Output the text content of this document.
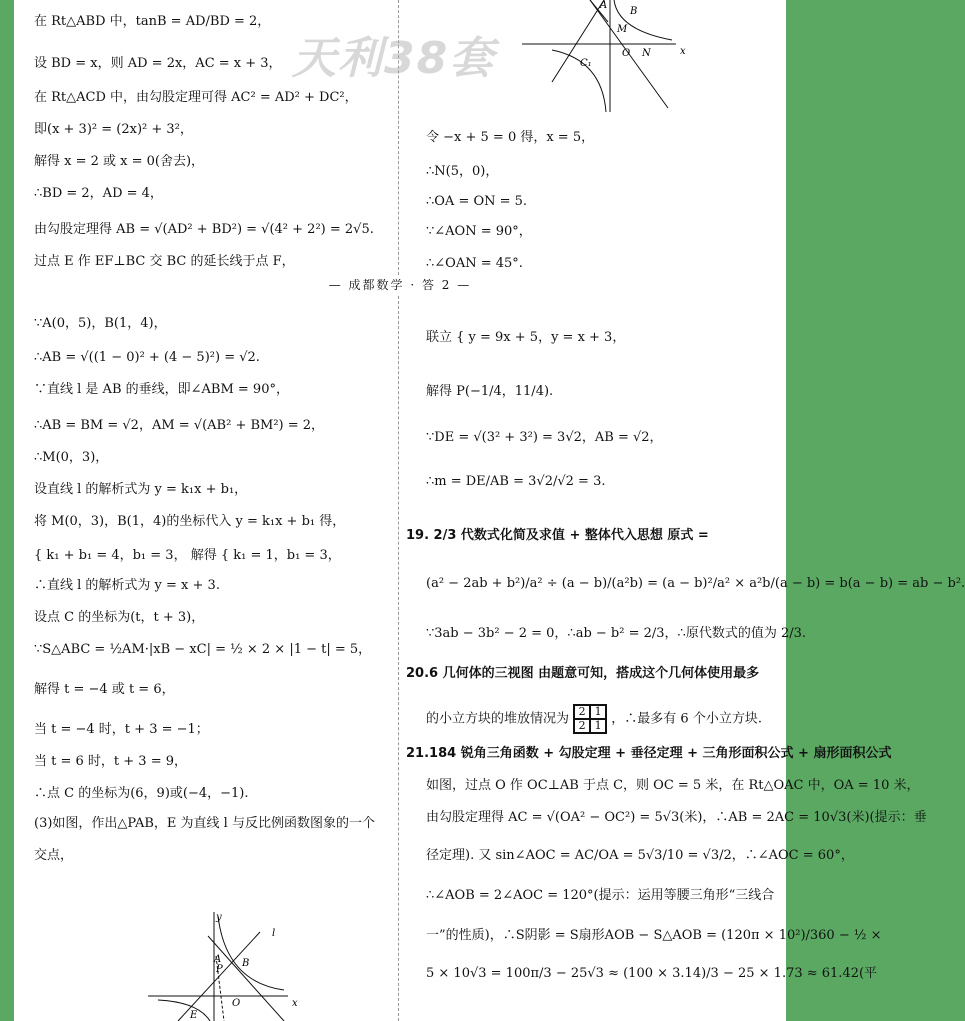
天利38套
在 Rt△ABD 中，tanB = AD/BD = 2，
设 BD = x，则 AD = 2x，AC = x + 3，
在 Rt△ACD 中，由勾股定理可得 AC² = AD² + DC²，
即(x + 3)² = (2x)² + 3²，
解得 x = 2 或 x = 0(舍去)，
∴BD = 2，AD = 4，
由勾股定理得 AB = √(AD² + BD²) = √(4² + 2²) = 2√5.
过点 E 作 EF⊥BC 交 BC 的延长线于点 F，
A
B
M
O N	x
C₁
令 −x + 5 = 0 得，x = 5，
∴N(5，0)，
∴OA = ON = 5.
∵∠AON = 90°，
∴∠OAN = 45°.
— 成都数学 · 答 2 —
∵A(0，5)，B(1，4)，
∴AB = √((1 − 0)² + (4 − 5)²) = √2.
∵直线 l 是 AB 的垂线，即∠ABM = 90°，
∴AB = BM = √2，AM = √(AB² + BM²) = 2，
∴M(0，3)，
设直线 l 的解析式为 y = k₁x + b₁，
将 M(0，3)，B(1，4)的坐标代入 y = k₁x + b₁ 得，
{ k₁ + b₁ = 4，b₁ = 3， 解得 { k₁ = 1，b₁ = 3，
∴直线 l 的解析式为 y = x + 3.
设点 C 的坐标为(t，t + 3)，
∵S△ABC = ½AM·|xB − xC| = ½ × 2 × |1 − t| = 5，
解得 t = −4 或 t = 6，
当 t = −4 时，t + 3 = −1；
当 t = 6 时，t + 3 = 9，
∴点 C 的坐标为(6，9)或(−4，−1).
(3)如图，作出△PAB，E 为直线 l 与反比例函数图象的一个
交点，
y
l
A B
P
O	x
E
联立 { y = 9x + 5，y = x + 3，
解得 P(−1/4，11/4).
∵DE = √(3² + 3²) = 3√2，AB = √2，
∴m = DE/AB = 3√2/√2 = 3.
19. 2/3 代数式化简及求值 + 整体代入思想 原式 =
(a² − 2ab + b²)/a² ÷ (a − b)/(a²b) = (a − b)²/a² × a²b/(a − b) = b(a − b) = ab − b².
∵3ab − 3b² − 2 = 0，∴ab − b² = 2/3，∴原代数式的值为 2/3.
20.6 几何体的三视图 由题意可知，搭成这个几何体使用最多
的小立方块的堆放情况为 2 1
2 1 ，∴最多有 6 个小立方块.
21.184 锐角三角函数 + 勾股定理 + 垂径定理 + 三角形面积公式 + 扇形面积公式
如图，过点 O 作 OC⊥AB 于点 C，则 OC = 5 米，在 Rt△OAC 中，OA = 10 米，
由勾股定理得 AC = √(OA² − OC²) = 5√3(米)，∴AB = 2AC = 10√3(米)(提示：垂
径定理). 又 sin∠AOC = AC/OA = 5√3/10 = √3/2，∴∠AOC = 60°，
∴∠AOB = 2∠AOC = 120°(提示：运用等腰三角形“三线合
一”的性质)，∴S阴影 = S扇形AOB − S△AOB = (120π × 10²)/360 − ½ ×
5 × 10√3 = 100π/3 − 25√3 ≈ (100 × 3.14)/3 − 25 × 1.73 ≈ 61.42(平
